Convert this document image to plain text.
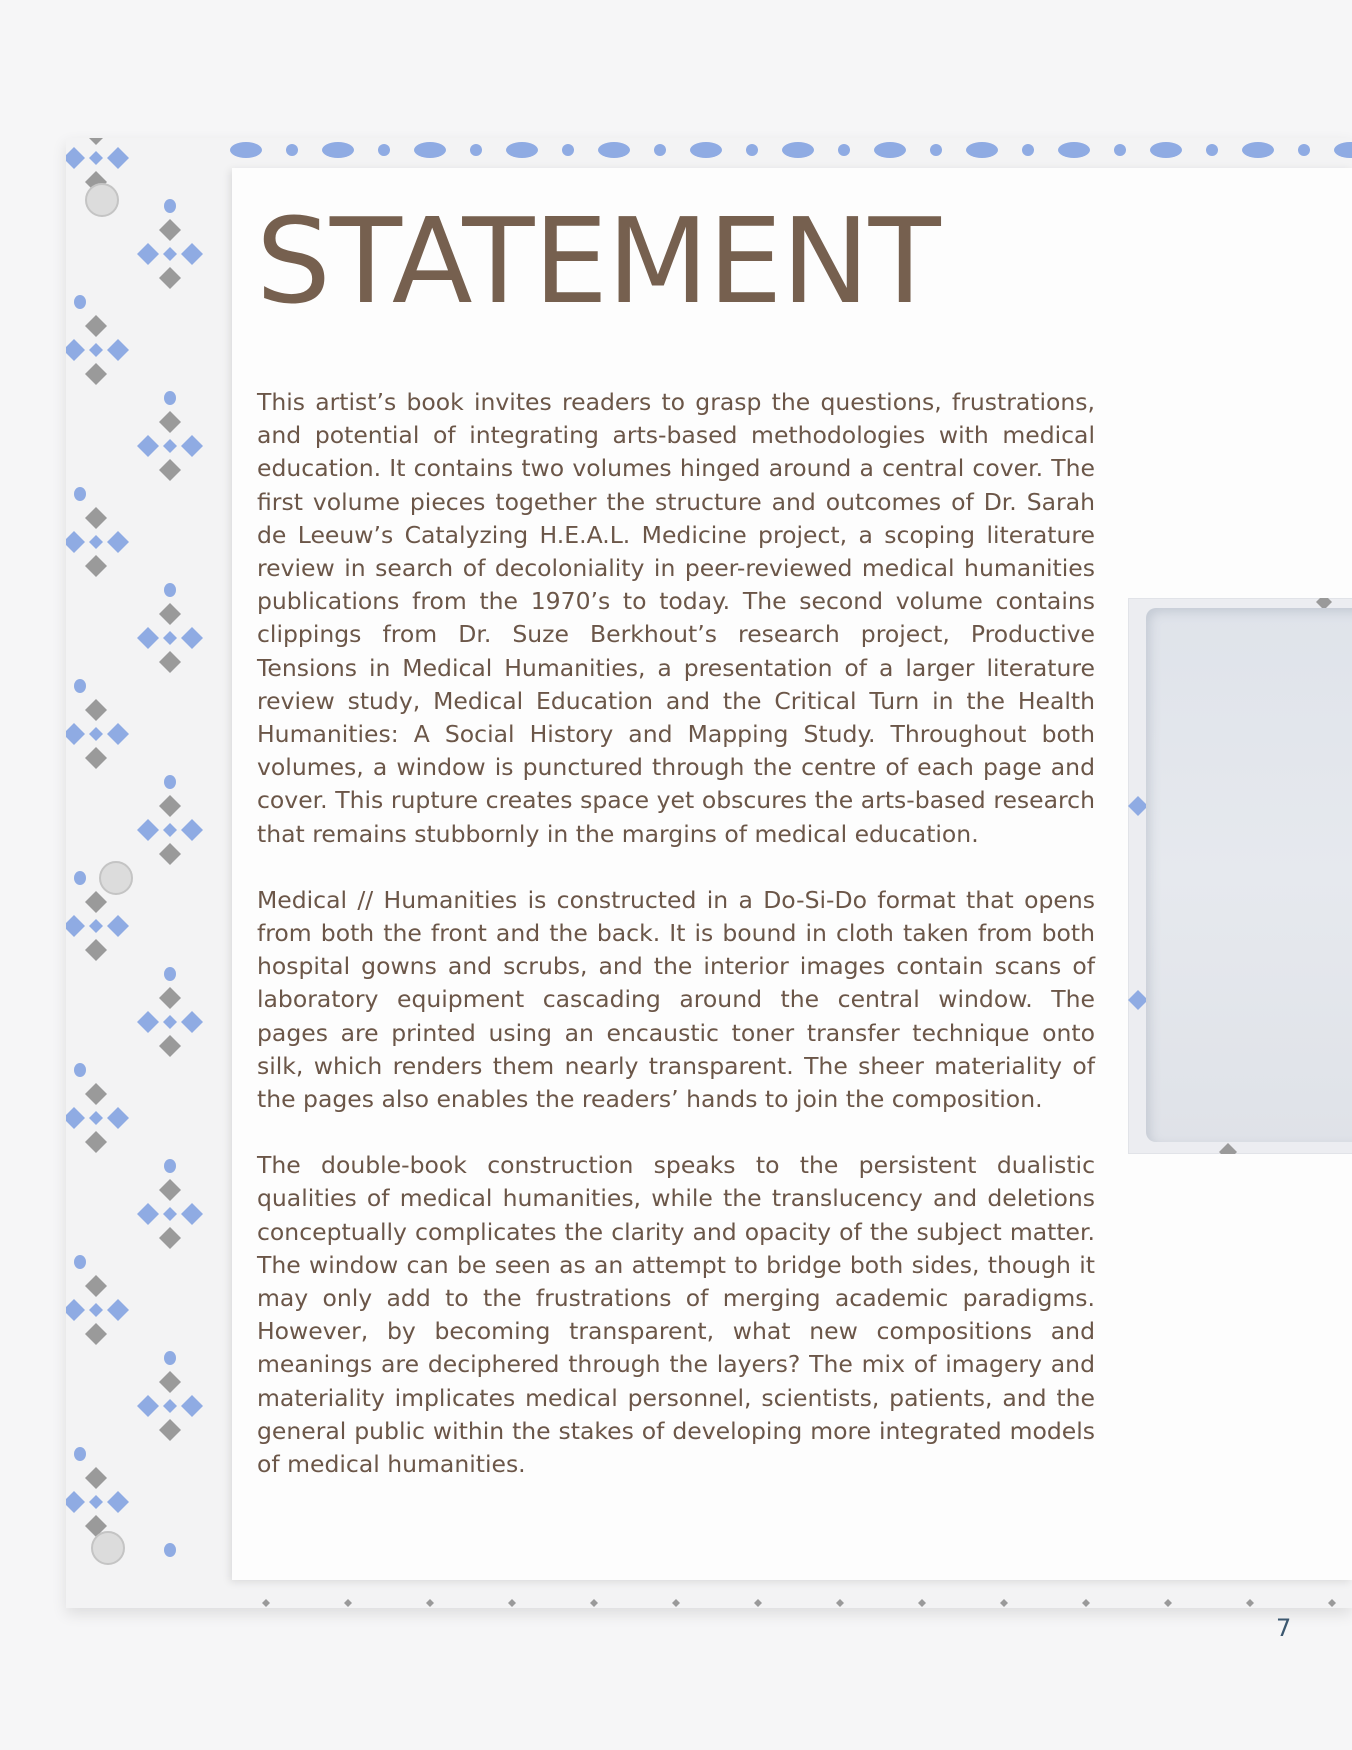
STATEMENT

This artist’s book invites readers to grasp the questions, frustrations, and potential of integrating arts-based methodologies with medical education. It contains two volumes hinged around a central cover. The first volume pieces together the structure and outcomes of Dr. Sarah de Leeuw’s Catalyzing H.E.A.L. Medicine project, a scoping literature review in search of decoloniality in peer-reviewed medical humanities publications from the 1970’s to today. The second volume contains clippings from Dr. Suze Berkhout’s research project, Productive Tensions in Medical Humanities, a presentation of a larger literature review study, Medical Education and the Critical Turn in the Health Humanities: A Social History and Mapping Study. Throughout both volumes, a window is punctured through the centre of each page and cover. This rupture creates space yet obscures the arts-based research that remains stubbornly in the margins of medical education.

Medical // Humanities is constructed in a Do-Si-Do format that opens from both the front and the back. It is bound in cloth taken from both hospital gowns and scrubs, and the interior images contain scans of laboratory equipment cascading around the central window. The pages are printed using an encaustic toner transfer technique onto silk, which renders them nearly transparent. The sheer materiality of the pages also enables the readers’ hands to join the composition.

The double-book construction speaks to the persistent dualistic qualities of medical humanities, while the translucency and deletions conceptually complicates the clarity and opacity of the subject matter. The window can be seen as an attempt to bridge both sides, though it may only add to the frustrations of merging academic paradigms. However, by becoming transparent, what new compositions and meanings are deciphered through the layers? The mix of imagery and materiality implicates medical personnel, scientists, patients, and the general public within the stakes of developing more integrated models of medical humanities.

7
